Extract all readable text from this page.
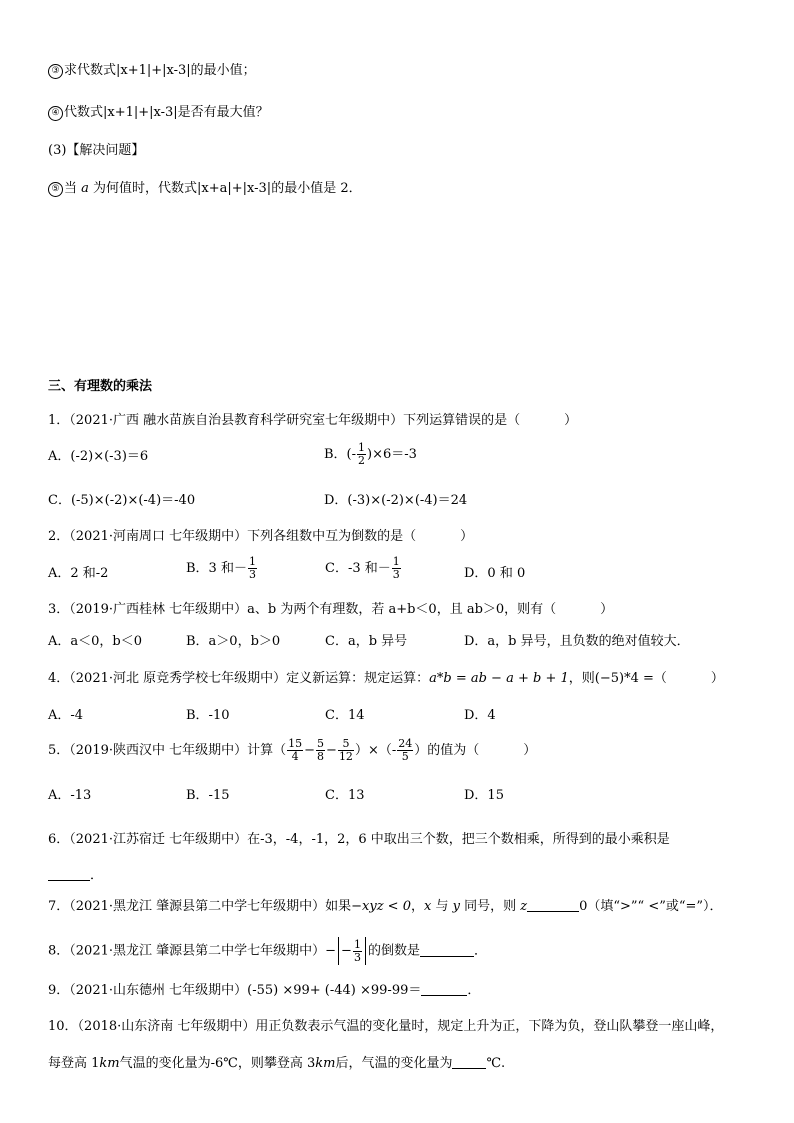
③ 求代数式|x+1|+|x-3|的最小值；
④ 代数式|x+1|+|x-3|是否有最大值？
(3)【解决问题】
⑤ 当 a 为何值时，代数式|x+a|+|x-3|的最小值是 2．
三、有理数的乘法
1．（2021·广西 融水苗族自治县教育科学研究室七年级期中）下列运算错误的是（	）
A．(-2)×(-3)＝6	B．(- $\frac{1}{2} )\times 6=-3$
C．(-5)×(-2)×(-4)＝-40	D．(-3)×(-2)×(-4)＝24
2．（2021·河南周口 七年级期中）下列各组数中互为倒数的是（	）
A．2 和-2	B．3 和－ $\frac{1}{3}$	C．-3 和－ $\frac{1}{3}$	D．0 和 0
3．（2019·广西桂林 七年级期中）a、b 为两个有理数，若 a+b＜0，且 ab＞0，则有（	）
A．a＜0，b＜0	B．a＞0，b＞0	C．a，b 异号	D．a，b 异号，且负数的绝对值较大．
4．（2021·河北 原竞秀学校七年级期中）定义新运算：规定运算：a*b = ab − a + b + 1，则(−5)*4 =（	）
A．-4	B．-10	C．14	D．4
5．（2019·陕西汉中 七年级期中）计算（ $\frac{15}{4} - \frac{5}{8} - \frac{5}{12}$ ）×（- $\frac{24}{5}$ ）的值为（	）
A．-13	B．-15	C．13	D．15
6．（2021·江苏宿迁 七年级期中）在-3，-4，-1，2，6 中取出三个数，把三个数相乘，所得到的最小乘积是
．
7．（2021·黑龙江 肇源县第二中学七年级期中）如果−xyz < 0，x 与 y 同号，则 z	0（填“>”“ <”或“=”）．
8．（2021·黑龙江 肇源县第二中学七年级期中）− − $\frac{1}{3}$ 的倒数是	．
9．（2021·山东德州 七年级期中）(-55) ×99+ (-44) ×99-99＝	．
10．（2018·山东济南 七年级期中）用正负数表示气温的变化量时，规定上升为正，下降为负，登山队攀登一座山峰，
每登高 1km气温的变化量为-6℃，则攀登高 3km后，气温的变化量为	℃.
